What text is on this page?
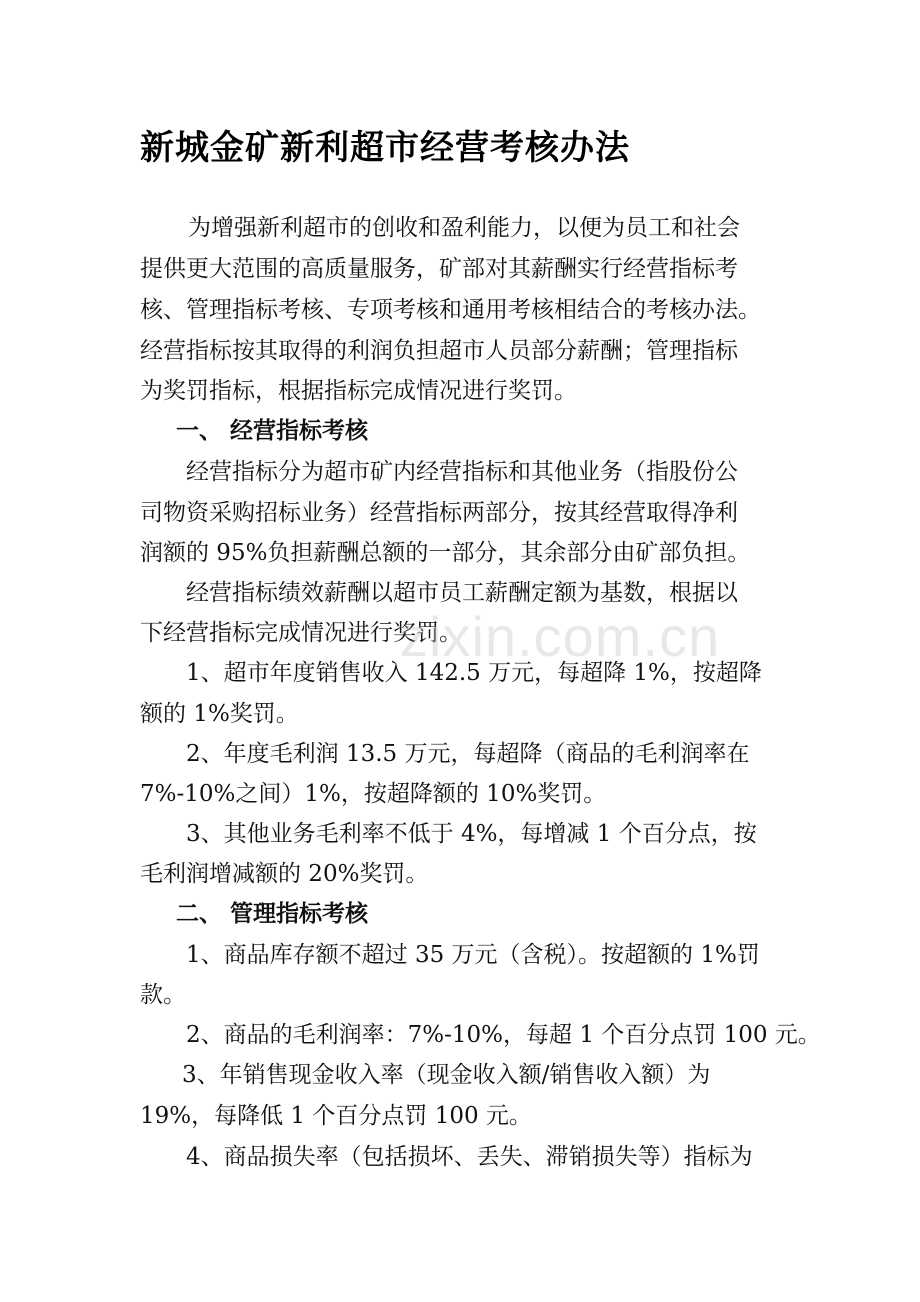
新城金矿新利超市经营考核办法
为增强新利超市的创收和盈利能力，以便为员工和社会
提供更大范围的高质量服务，矿部对其薪酬实行经营指标考
核、管理指标考核、专项考核和通用考核相结合的考核办法。
经营指标按其取得的利润负担超市人员部分薪酬；管理指标
为奖罚指标，根据指标完成情况进行奖罚。
一、 经营指标考核
经营指标分为超市矿内经营指标和其他业务（指股份公
司物资采购招标业务）经营指标两部分，按其经营取得净利
润额的 95%负担薪酬总额的一部分，其余部分由矿部负担。
经营指标绩效薪酬以超市员工薪酬定额为基数，根据以
下经营指标完成情况进行奖罚。
1、超市年度销售收入 142.5 万元，每超降 1%，按超降
额的 1%奖罚。
2、年度毛利润 13.5 万元，每超降（商品的毛利润率在
7%-10%之间）1%，按超降额的 10%奖罚。
3、其他业务毛利率不低于 4%，每增减 1 个百分点，按
毛利润增减额的 20%奖罚。
二、 管理指标考核
1、商品库存额不超过 35 万元（含税）。按超额的 1%罚
款。
2、商品的毛利润率：7%-10%，每超 1 个百分点罚 100 元。
3、年销售现金收入率（现金收入额/销售收入额）为
19%，每降低 1 个百分点罚 100 元。
4、商品损失率（包括损坏、丢失、滞销损失等）指标为
zixin.com.cn
